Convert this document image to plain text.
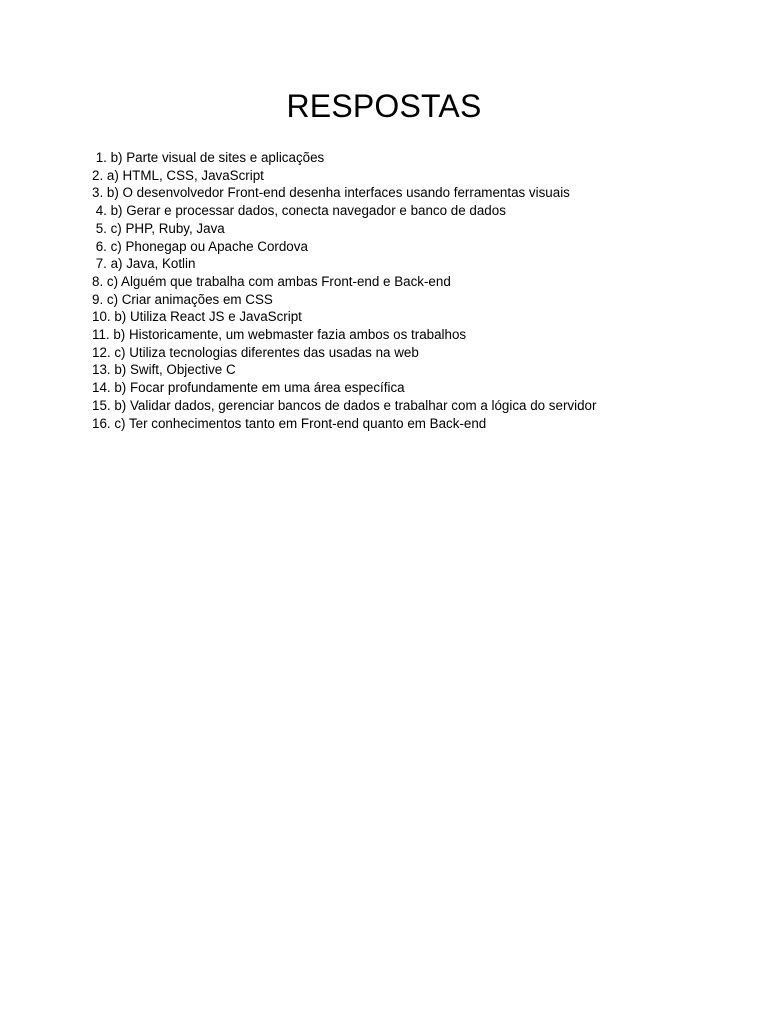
RESPOSTAS
1. b) Parte visual de sites e aplicações
2. a) HTML, CSS, JavaScript
3. b) O desenvolvedor Front-end desenha interfaces usando ferramentas visuais
4. b) Gerar e processar dados, conecta navegador e banco de dados
5. c) PHP, Ruby, Java
6. c) Phonegap ou Apache Cordova
7. a) Java, Kotlin
8. c) Alguém que trabalha com ambas Front-end e Back-end
9. c) Criar animações em CSS
10. b) Utiliza React JS e JavaScript
11. b) Historicamente, um webmaster fazia ambos os trabalhos
12. c) Utiliza tecnologias diferentes das usadas na web
13. b) Swift, Objective C
14. b) Focar profundamente em uma área específica
15. b) Validar dados, gerenciar bancos de dados e trabalhar com a lógica do servidor
16. c) Ter conhecimentos tanto em Front-end quanto em Back-end
